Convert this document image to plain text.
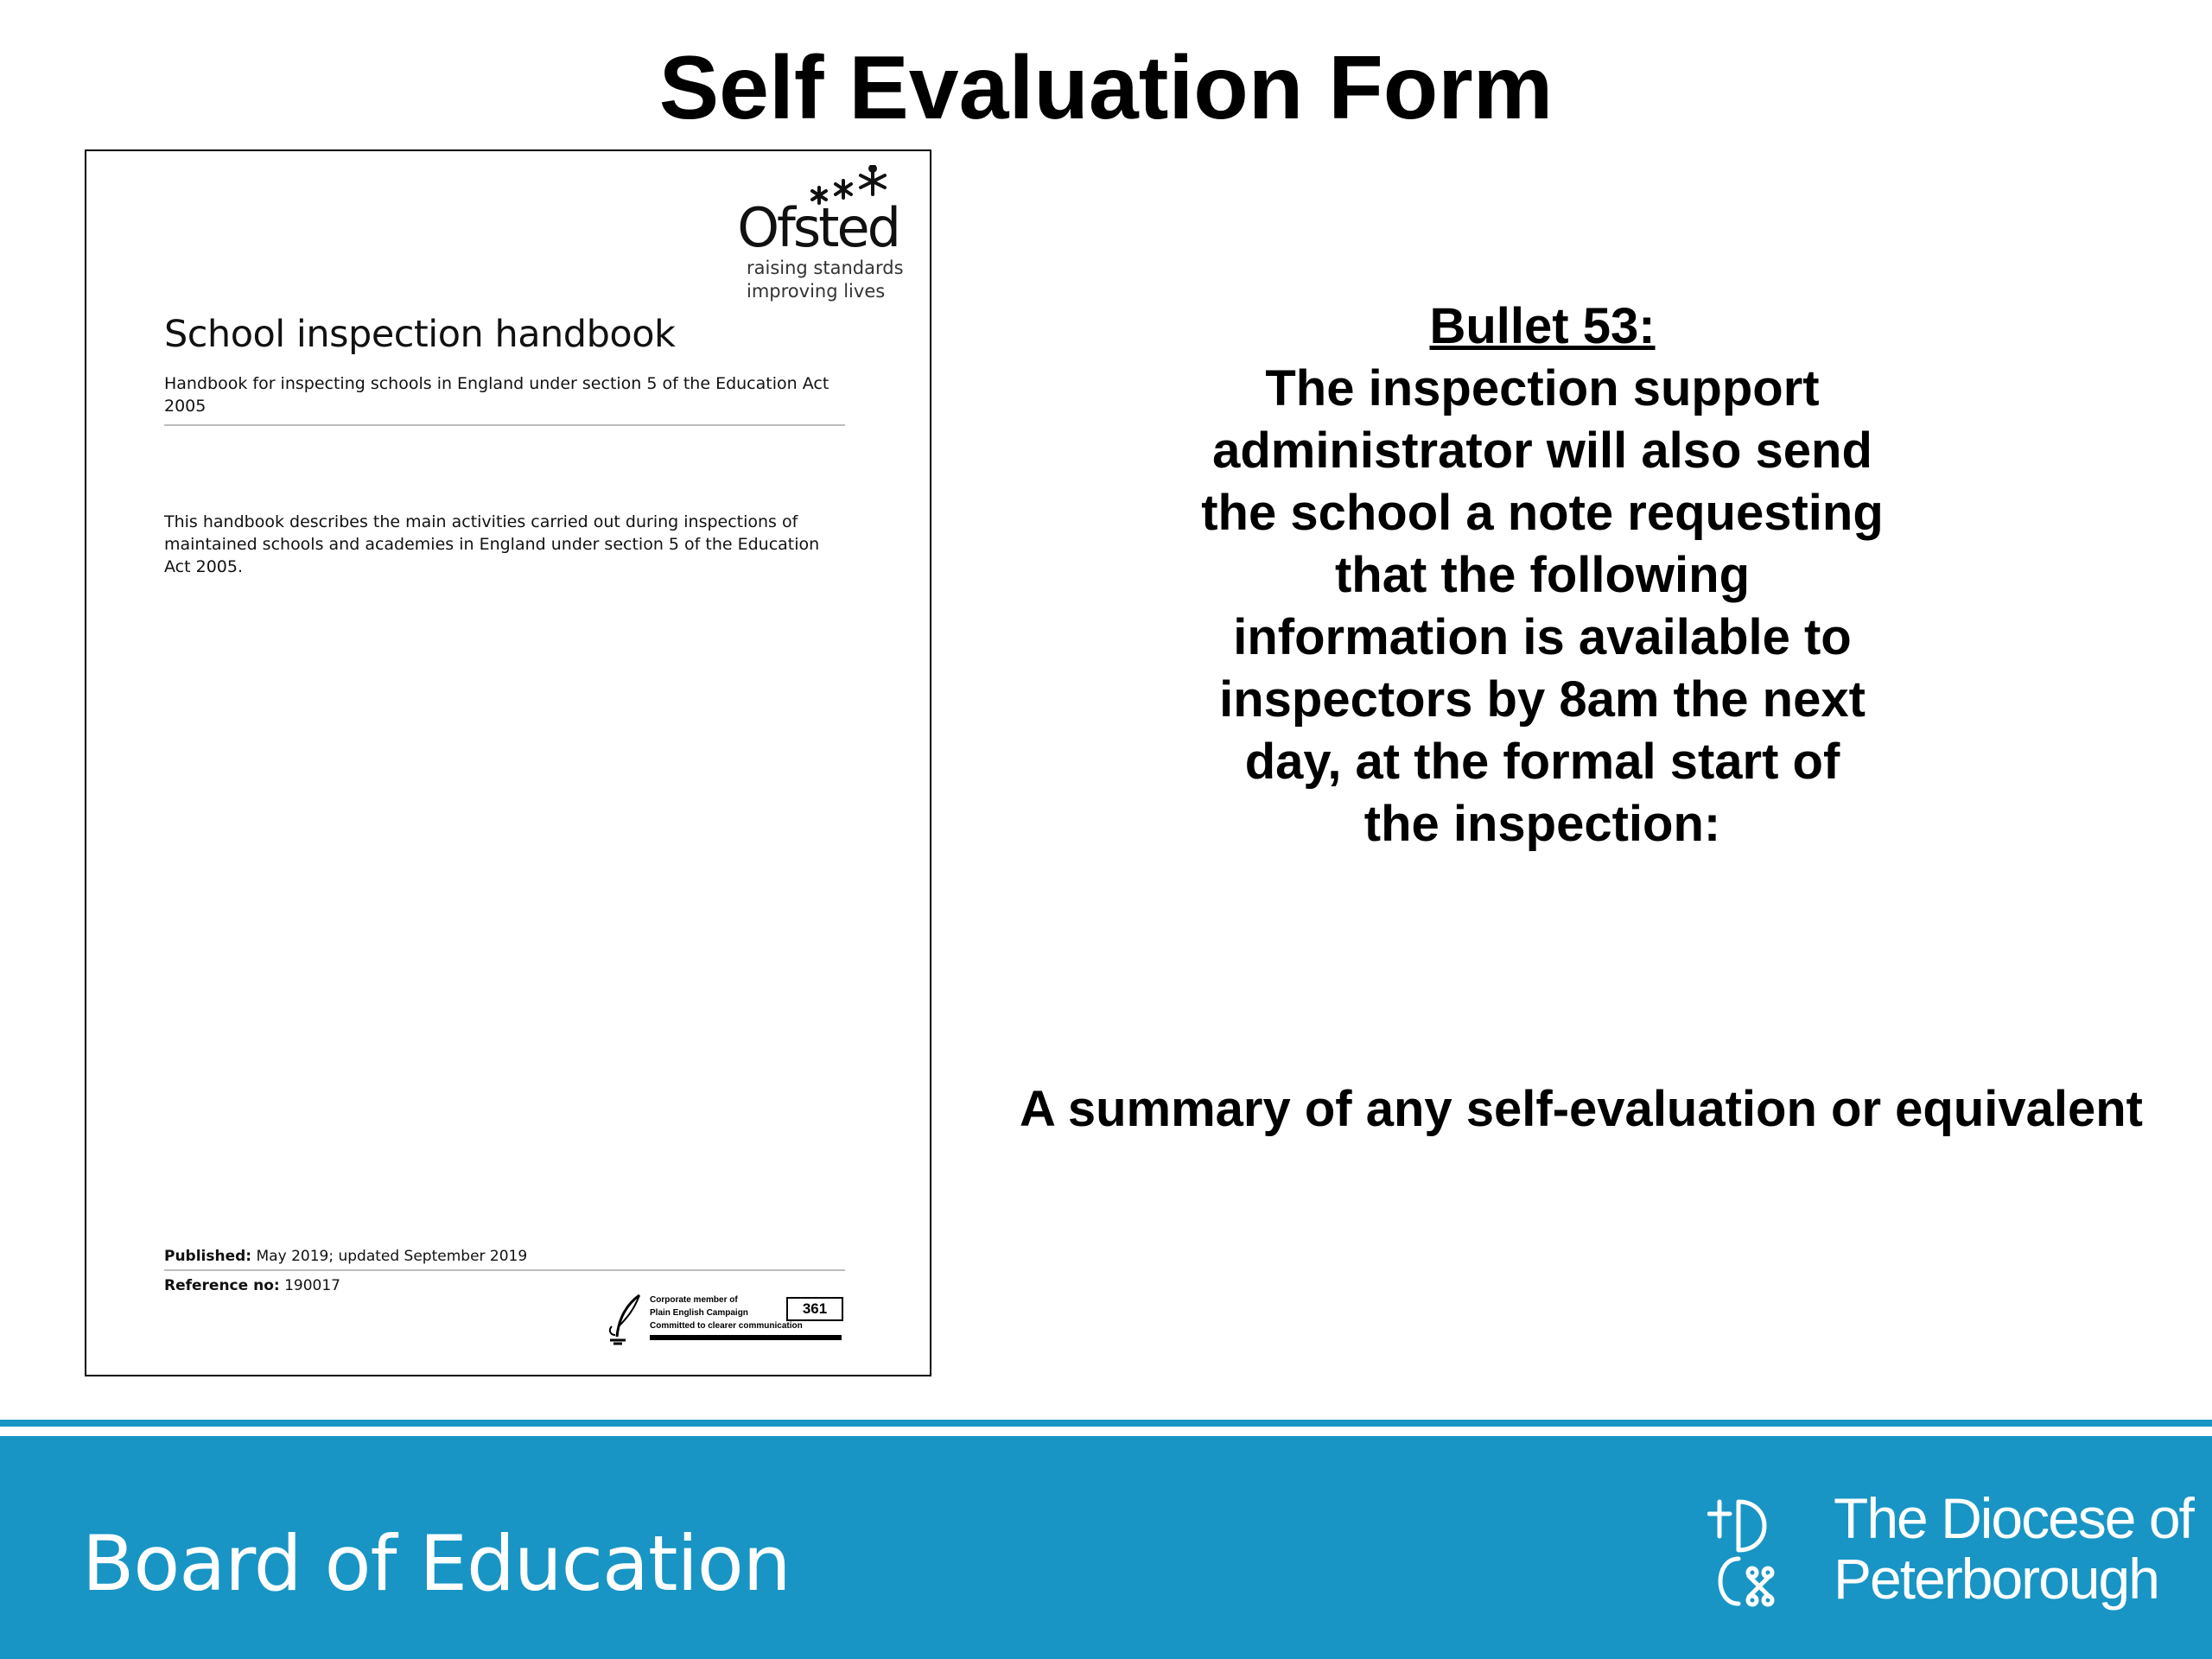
Self Evaluation Form
Ofsted
raising standards
improving lives
School inspection handbook
Handbook for inspecting schools in England under section 5 of the Education Act 2005
This handbook describes the main activities carried out during inspections of maintained schools and academies in England under section 5 of the Education Act 2005.
Published: May 2019; updated September 2019
Reference no: 190017
Corporate member of
Plain English Campaign
Committed to clearer communication
361
Bullet 53:
The inspection support administrator will also send the school a note requesting that the following information is available to inspectors by 8am the next day, at the formal start of the inspection:
A summary of any self-evaluation or equivalent
Board of Education
The Diocese of
Peterborough
